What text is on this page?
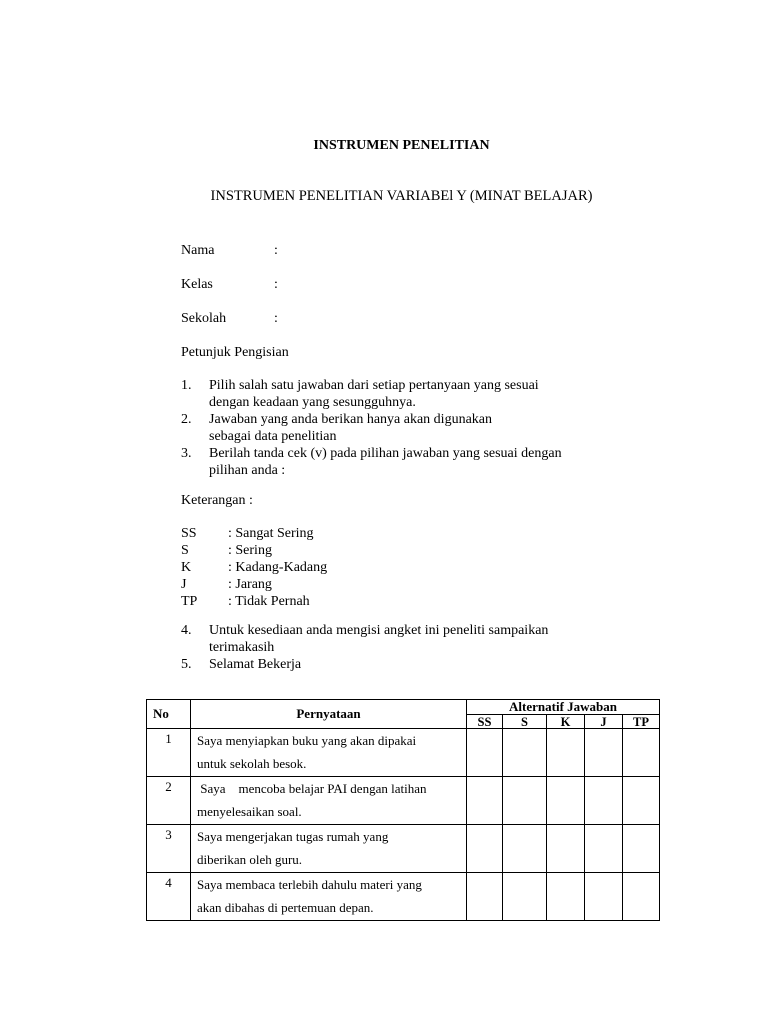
INSTRUMEN PENELITIAN
INSTRUMEN PENELITIAN VARIABEl Y (MINAT BELAJAR)
Nama	:
Kelas	:
Sekolah	:
Petunjuk Pengisian
1. Pilih salah satu jawaban dari setiap pertanyaan yang sesuai
dengan keadaan yang sesungguhnya.
2. Jawaban yang anda berikan hanya akan digunakan
sebagai data penelitian
3. Berilah tanda cek (v) pada pilihan jawaban yang sesuai dengan
pilihan anda :
Keterangan :
SS : Sangat Sering
S	: Sering
K	: Kadang-Kadang
J	: Jarang
TP : Tidak Pernah
4. Untuk kesediaan anda mengisi angket ini peneliti sampaikan
terimakasih
5. Selamat Bekerja
No	Pernyataan	Alternatif Jawaban				
		SS	S	K	J	TP
1	Saya menyiapkan buku yang akan dipakai
untuk sekolah besok.					

2	Saya    mencoba belajar PAI dengan latihan
menyelesaikan soal.					

3	Saya mengerjakan tugas rumah yang
diberikan oleh guru.					

4	Saya membaca terlebih dahulu materi yang
akan dibahas di pertemuan depan.					
